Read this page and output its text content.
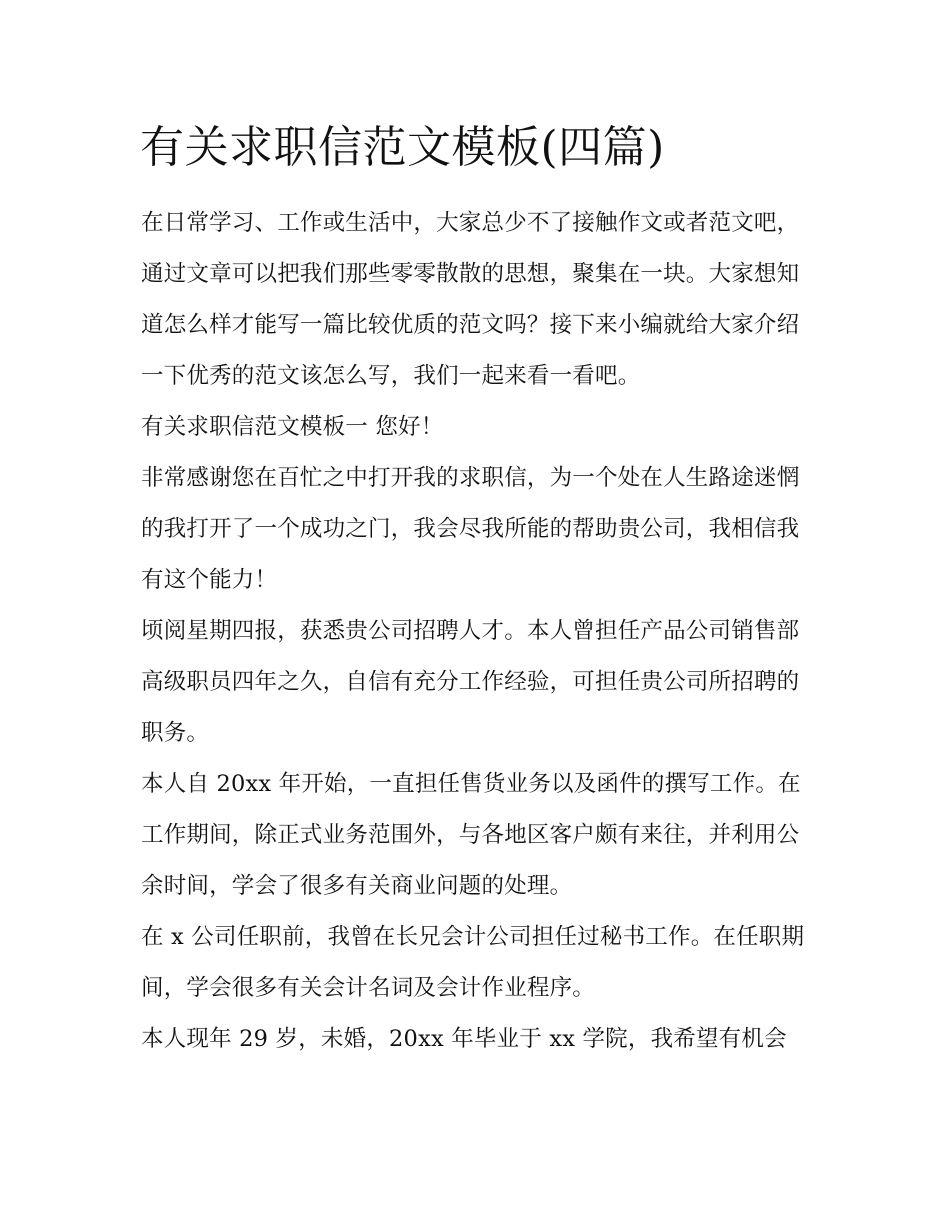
有关求职信范文模板(四篇)

在日常学习、工作或生活中，大家总少不了接触作文或者范文吧，通过文章可以把我们那些零零散散的思想，聚集在一块。大家想知道怎么样才能写一篇比较优质的范文吗？接下来小编就给大家介绍一下优秀的范文该怎么写，我们一起来看一看吧。

有关求职信范文模板一 您好！

非常感谢您在百忙之中打开我的求职信，为一个处在人生路途迷惘的我打开了一个成功之门，我会尽我所能的帮助贵公司，我相信我有这个能力！

顷阅星期四报，获悉贵公司招聘人才。本人曾担任产品公司销售部高级职员四年之久，自信有充分工作经验，可担任贵公司所招聘的职务。

本人自 20xx 年开始，一直担任售货业务以及函件的撰写工作。在工作期间，除正式业务范围外，与各地区客户颇有来往，并利用公余时间，学会了很多有关商业问题的处理。

在 x 公司任职前，我曾在长兄会计公司担任过秘书工作。在任职期间，学会很多有关会计名词及会计作业程序。

本人现年 29 岁，未婚，20xx 年毕业于 xx 学院，我希望有机会
